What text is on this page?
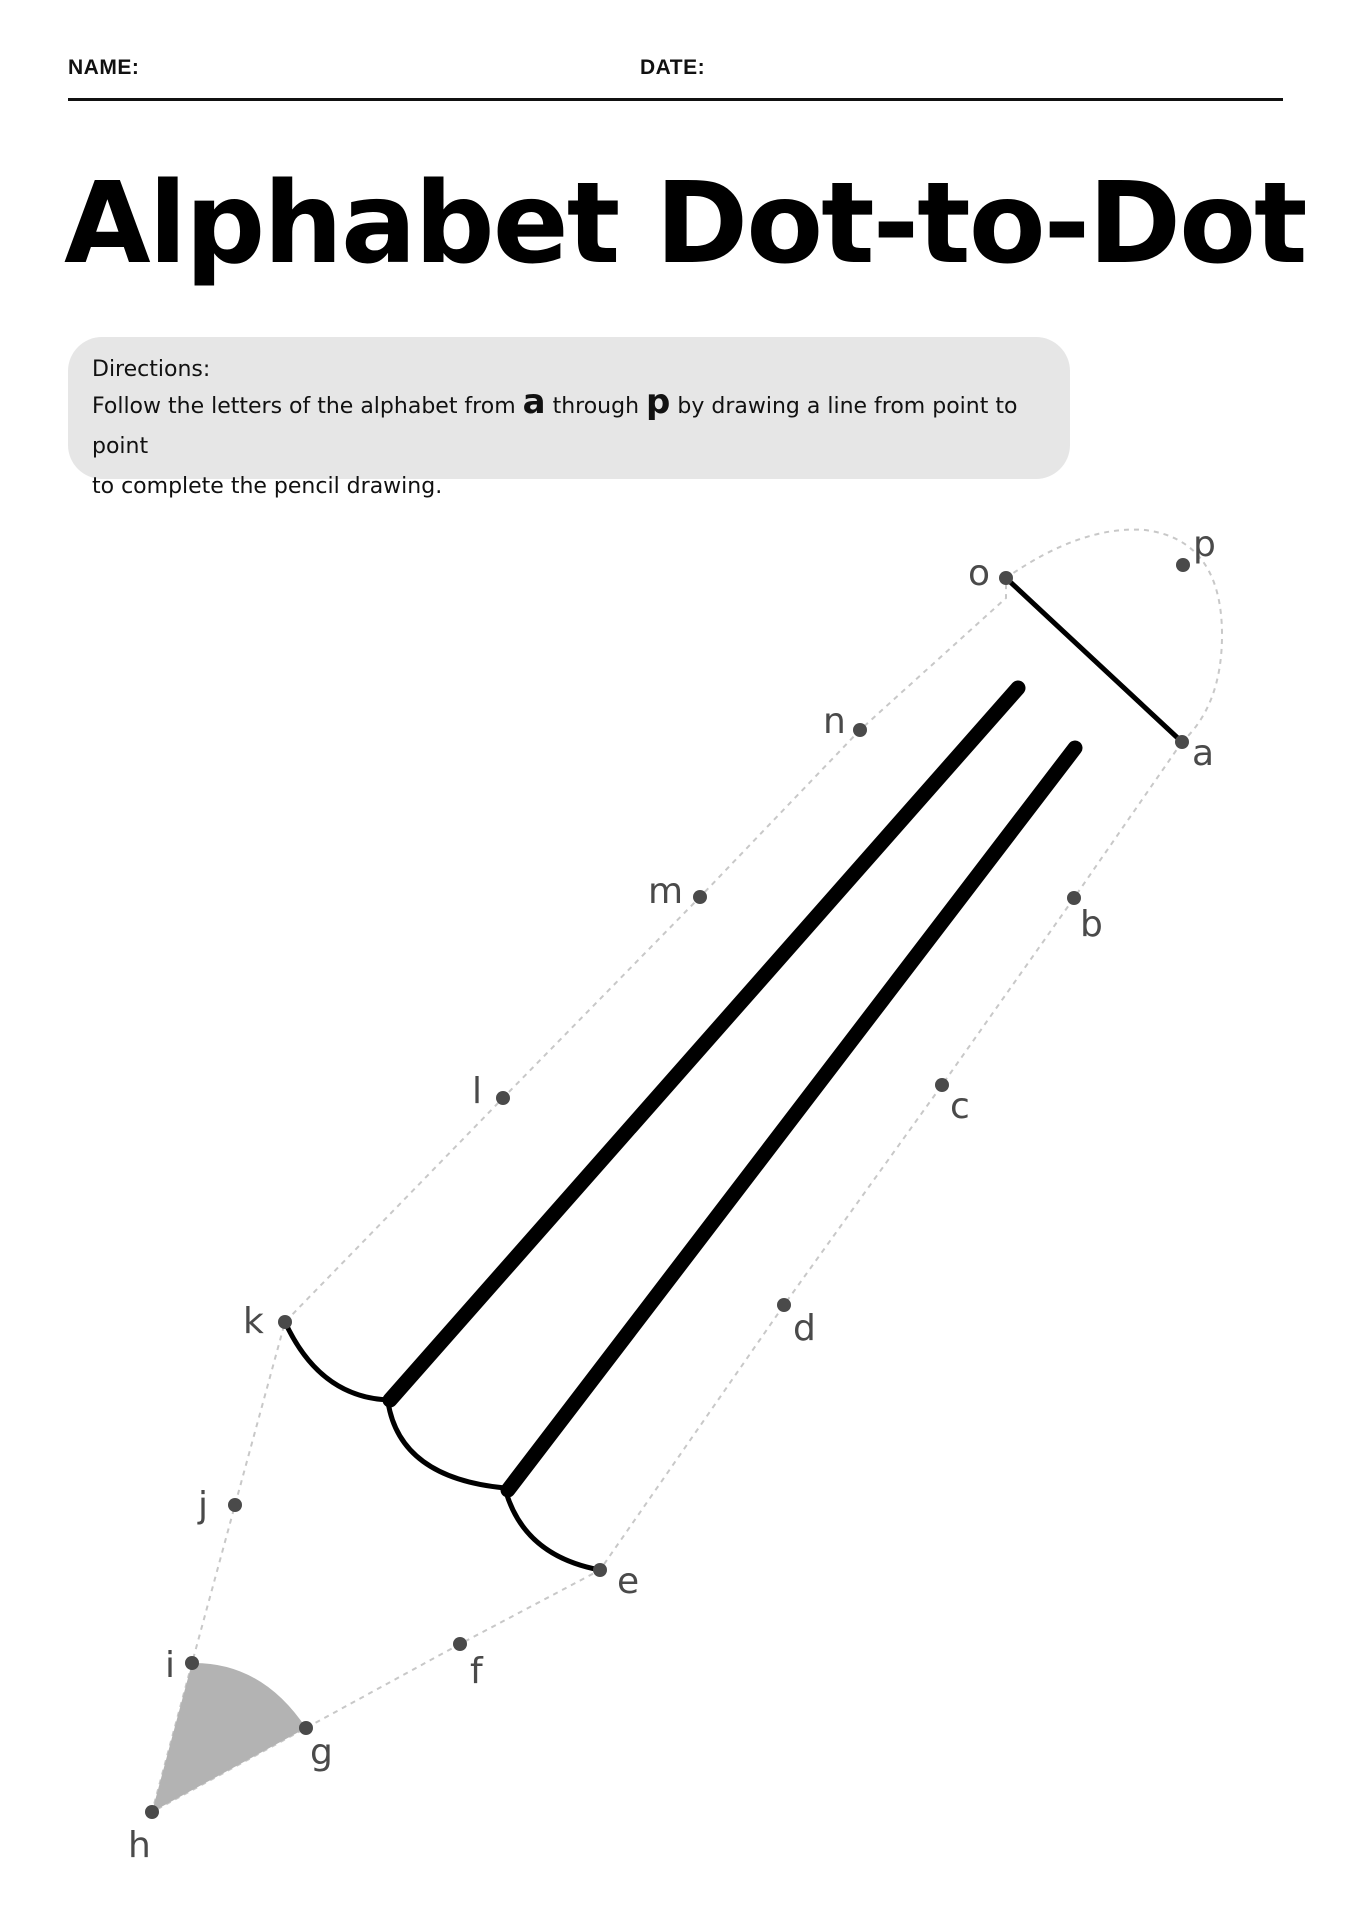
NAME:	DATE:
Alphabet Dot-to-Dot
Directions:
Follow the letters of the alphabet from a through p by drawing a line from point to point
to complete the pencil drawing.
a
b
c
d
e
f
g
h
i
j
k
l
m
n
o
p
